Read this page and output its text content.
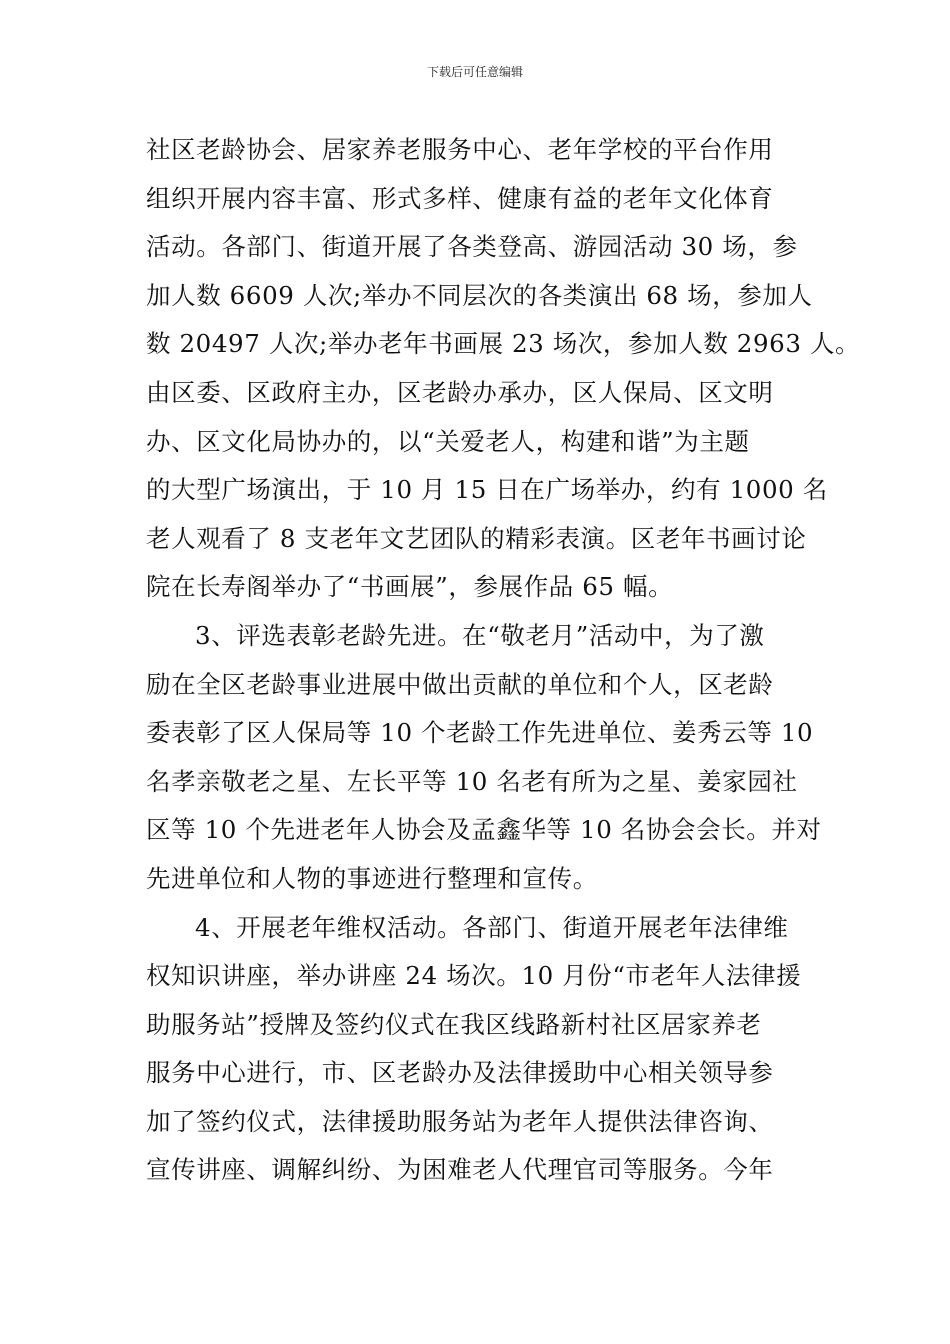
下载后可任意编辑
社区老龄协会、居家养老服务中心、老年学校的平台作用
组织开展内容丰富、形式多样、健康有益的老年文化体育
活动。各部门、街道开展了各类登高、游园活动 30 场，参
加人数 6609 人次;举办不同层次的各类演出 68 场，参加人
数 20497 人次;举办老年书画展 23 场次，参加人数 2963 人。
由区委、区政府主办，区老龄办承办，区人保局、区文明
办、区文化局协办的，以“关爱老人，构建和谐”为主题
的大型广场演出，于 10 月 15 日在广场举办，约有 1000 名
老人观看了 8 支老年文艺团队的精彩表演。区老年书画讨论
院在长寿阁举办了“书画展”，参展作品 65 幅。
3、评选表彰老龄先进。在“敬老月”活动中，为了激
励在全区老龄事业进展中做出贡献的单位和个人，区老龄
委表彰了区人保局等 10 个老龄工作先进单位、姜秀云等 10
名孝亲敬老之星、左长平等 10 名老有所为之星、姜家园社
区等 10 个先进老年人协会及孟鑫华等 10 名协会会长。并对
先进单位和人物的事迹进行整理和宣传。
4、开展老年维权活动。各部门、街道开展老年法律维
权知识讲座，举办讲座 24 场次。10 月份“市老年人法律援
助服务站”授牌及签约仪式在我区线路新村社区居家养老
服务中心进行，市、区老龄办及法律援助中心相关领导参
加了签约仪式，法律援助服务站为老年人提供法律咨询、
宣传讲座、调解纠纷、为困难老人代理官司等服务。今年
